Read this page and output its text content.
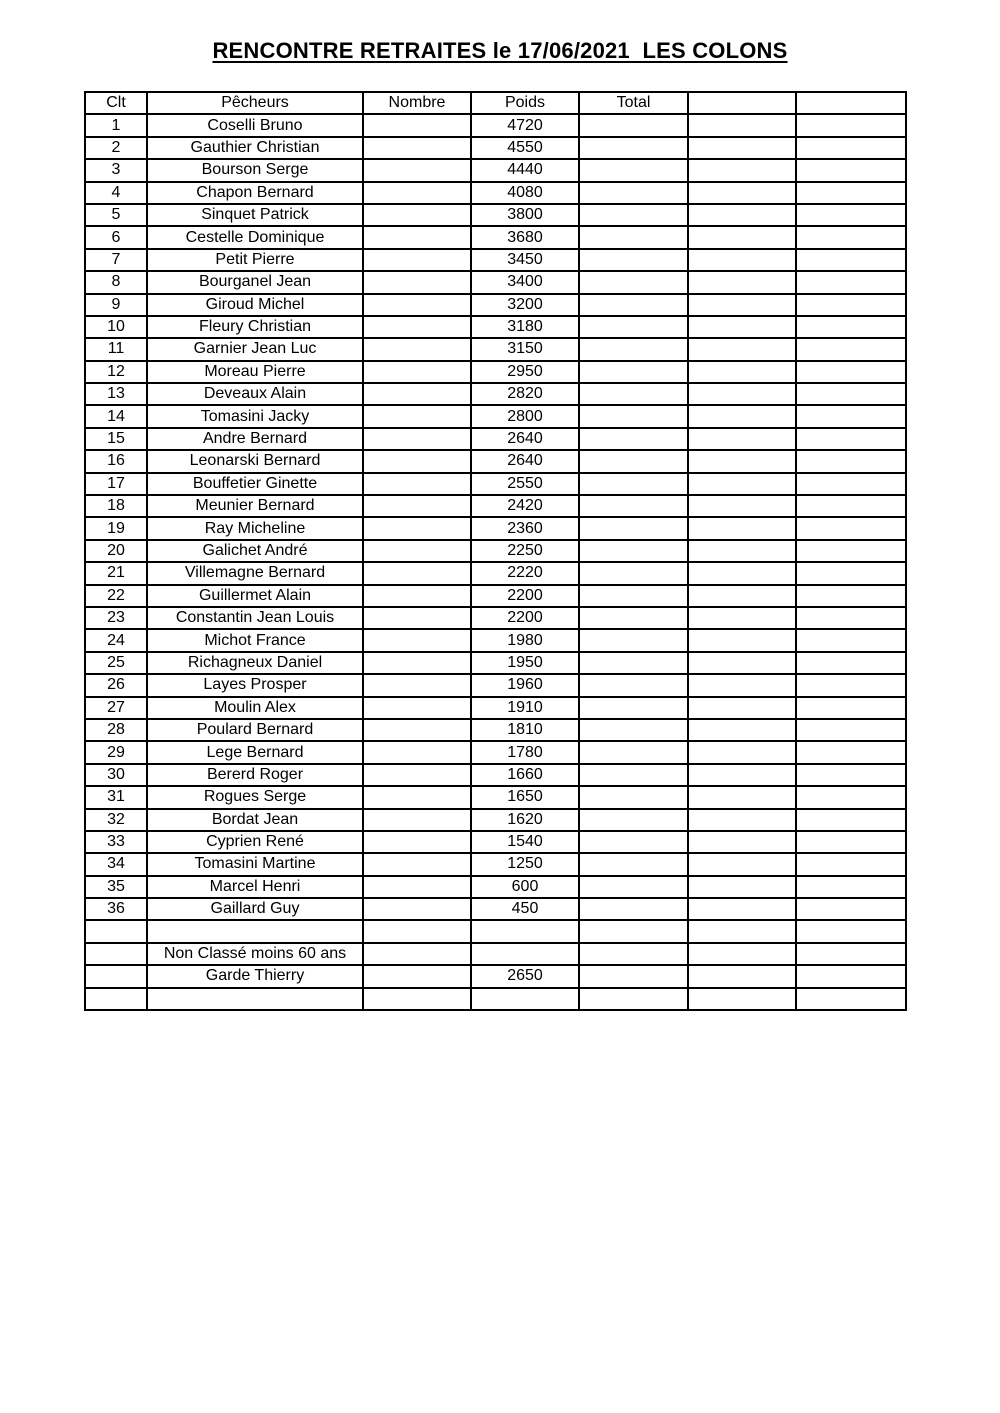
RENCONTRE RETRAITES le 17/06/2021  LES COLONS
Clt	Pêcheurs	Nombre	Poids	Total		
1	Coselli Bruno		4720			
2	Gauthier Christian		4550			
3	Bourson Serge		4440			
4	Chapon Bernard		4080			
5	Sinquet Patrick		3800			
6	Cestelle Dominique		3680			
7	Petit Pierre		3450			
8	Bourganel Jean		3400			
9	Giroud Michel		3200			
10	Fleury Christian		3180			
11	Garnier Jean Luc		3150			
12	Moreau Pierre		2950			
13	Deveaux Alain		2820			
14	Tomasini Jacky		2800			
15	Andre Bernard		2640			
16	Leonarski Bernard		2640			
17	Bouffetier Ginette		2550			
18	Meunier Bernard		2420			
19	Ray Micheline		2360			
20	Galichet André		2250			
21	Villemagne Bernard		2220			
22	Guillermet Alain		2200			
23	Constantin Jean Louis		2200			
24	Michot France		1980			
25	Richagneux Daniel		1950			
26	Layes Prosper		1960			
27	Moulin Alex		1910			
28	Poulard Bernard		1810			
29	Lege Bernard		1780			
30	Bererd Roger		1660			
31	Rogues Serge		1650			
32	Bordat Jean		1620			
33	Cyprien René		1540			
34	Tomasini Martine		1250			
35	Marcel Henri		600			
36	Gaillard Guy		450			

	Non Classé moins 60 ans					
	Garde Thierry		2650			
